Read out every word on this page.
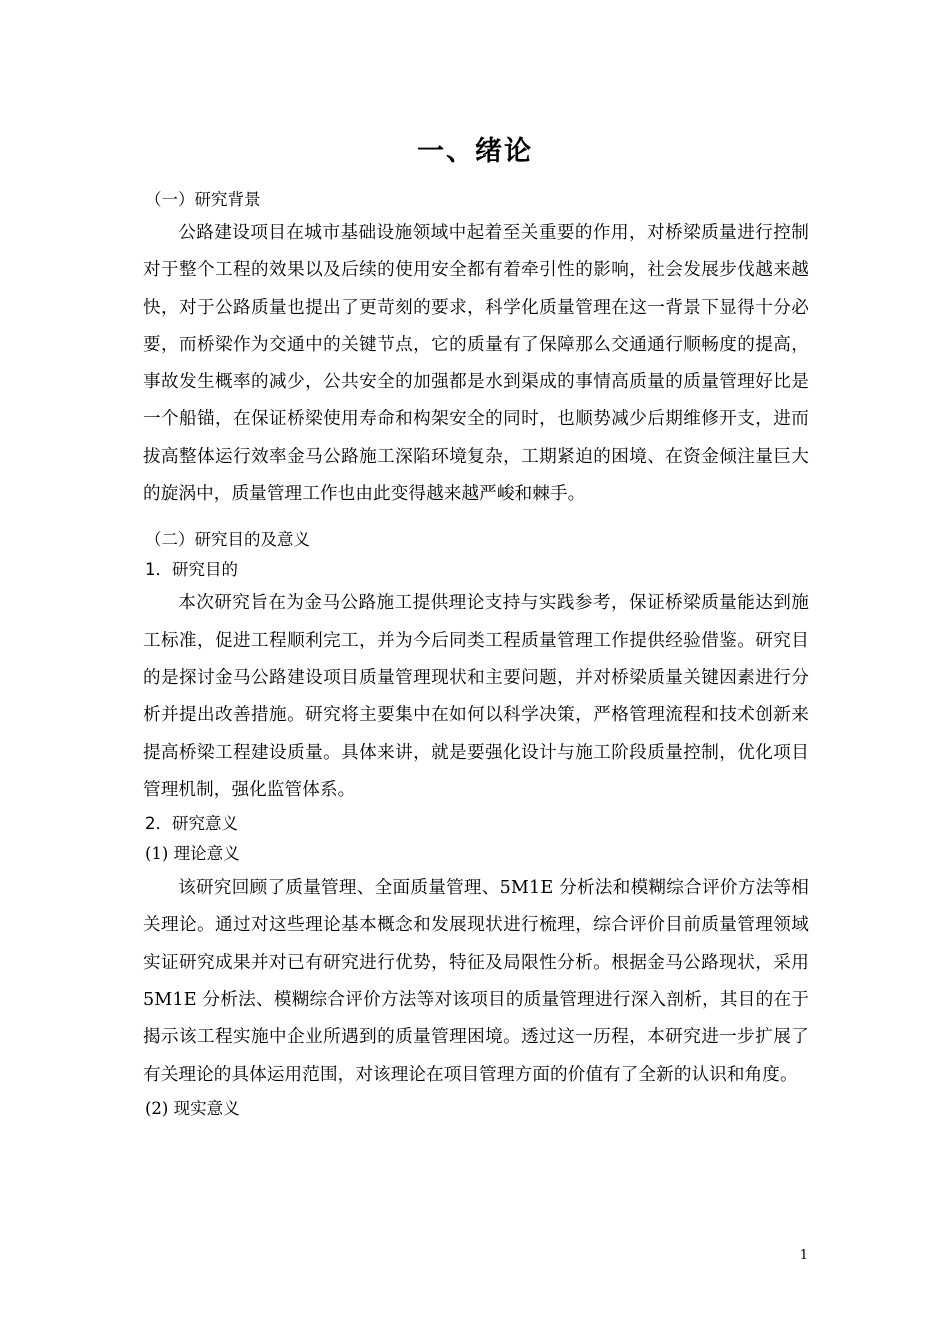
一、绪论
（一）研究背景

公路建设项目在城市基础设施领域中起着至关重要的作用，对桥梁质量进行控制对于整个工程的效果以及后续的使用安全都有着牵引性的影响，社会发展步伐越来越快，对于公路质量也提出了更苛刻的要求，科学化质量管理在这一背景下显得十分必要，而桥梁作为交通中的关键节点，它的质量有了保障那么交通通行顺畅度的提高，事故发生概率的减少，公共安全的加强都是水到渠成的事情高质量的质量管理好比是一个船锚，在保证桥梁使用寿命和构架安全的同时，也顺势减少后期维修开支，进而拔高整体运行效率金马公路施工深陷环境复杂，工期紧迫的困境、在资金倾注量巨大的旋涡中，质量管理工作也由此变得越来越严峻和棘手。

（二）研究目的及意义
1．研究目的

本次研究旨在为金马公路施工提供理论支持与实践参考，保证桥梁质量能达到施工标准，促进工程顺利完工，并为今后同类工程质量管理工作提供经验借鉴。研究目的是探讨金马公路建设项目质量管理现状和主要问题，并对桥梁质量关键因素进行分析并提出改善措施。研究将主要集中在如何以科学决策，严格管理流程和技术创新来提高桥梁工程建设质量。具体来讲，就是要强化设计与施工阶段质量控制，优化项目管理机制，强化监管体系。

2．研究意义
(1) 理论意义

该研究回顾了质量管理、全面质量管理、5M1E 分析法和模糊综合评价方法等相关理论。通过对这些理论基本概念和发展现状进行梳理，综合评价目前质量管理领域实证研究成果并对已有研究进行优势，特征及局限性分析。根据金马公路现状，采用 5M1E 分析法、模糊综合评价方法等对该项目的质量管理进行深入剖析，其目的在于揭示该工程实施中企业所遇到的质量管理困境。透过这一历程，本研究进一步扩展了有关理论的具体运用范围，对该理论在项目管理方面的价值有了全新的认识和角度。

(2) 现实意义
1
